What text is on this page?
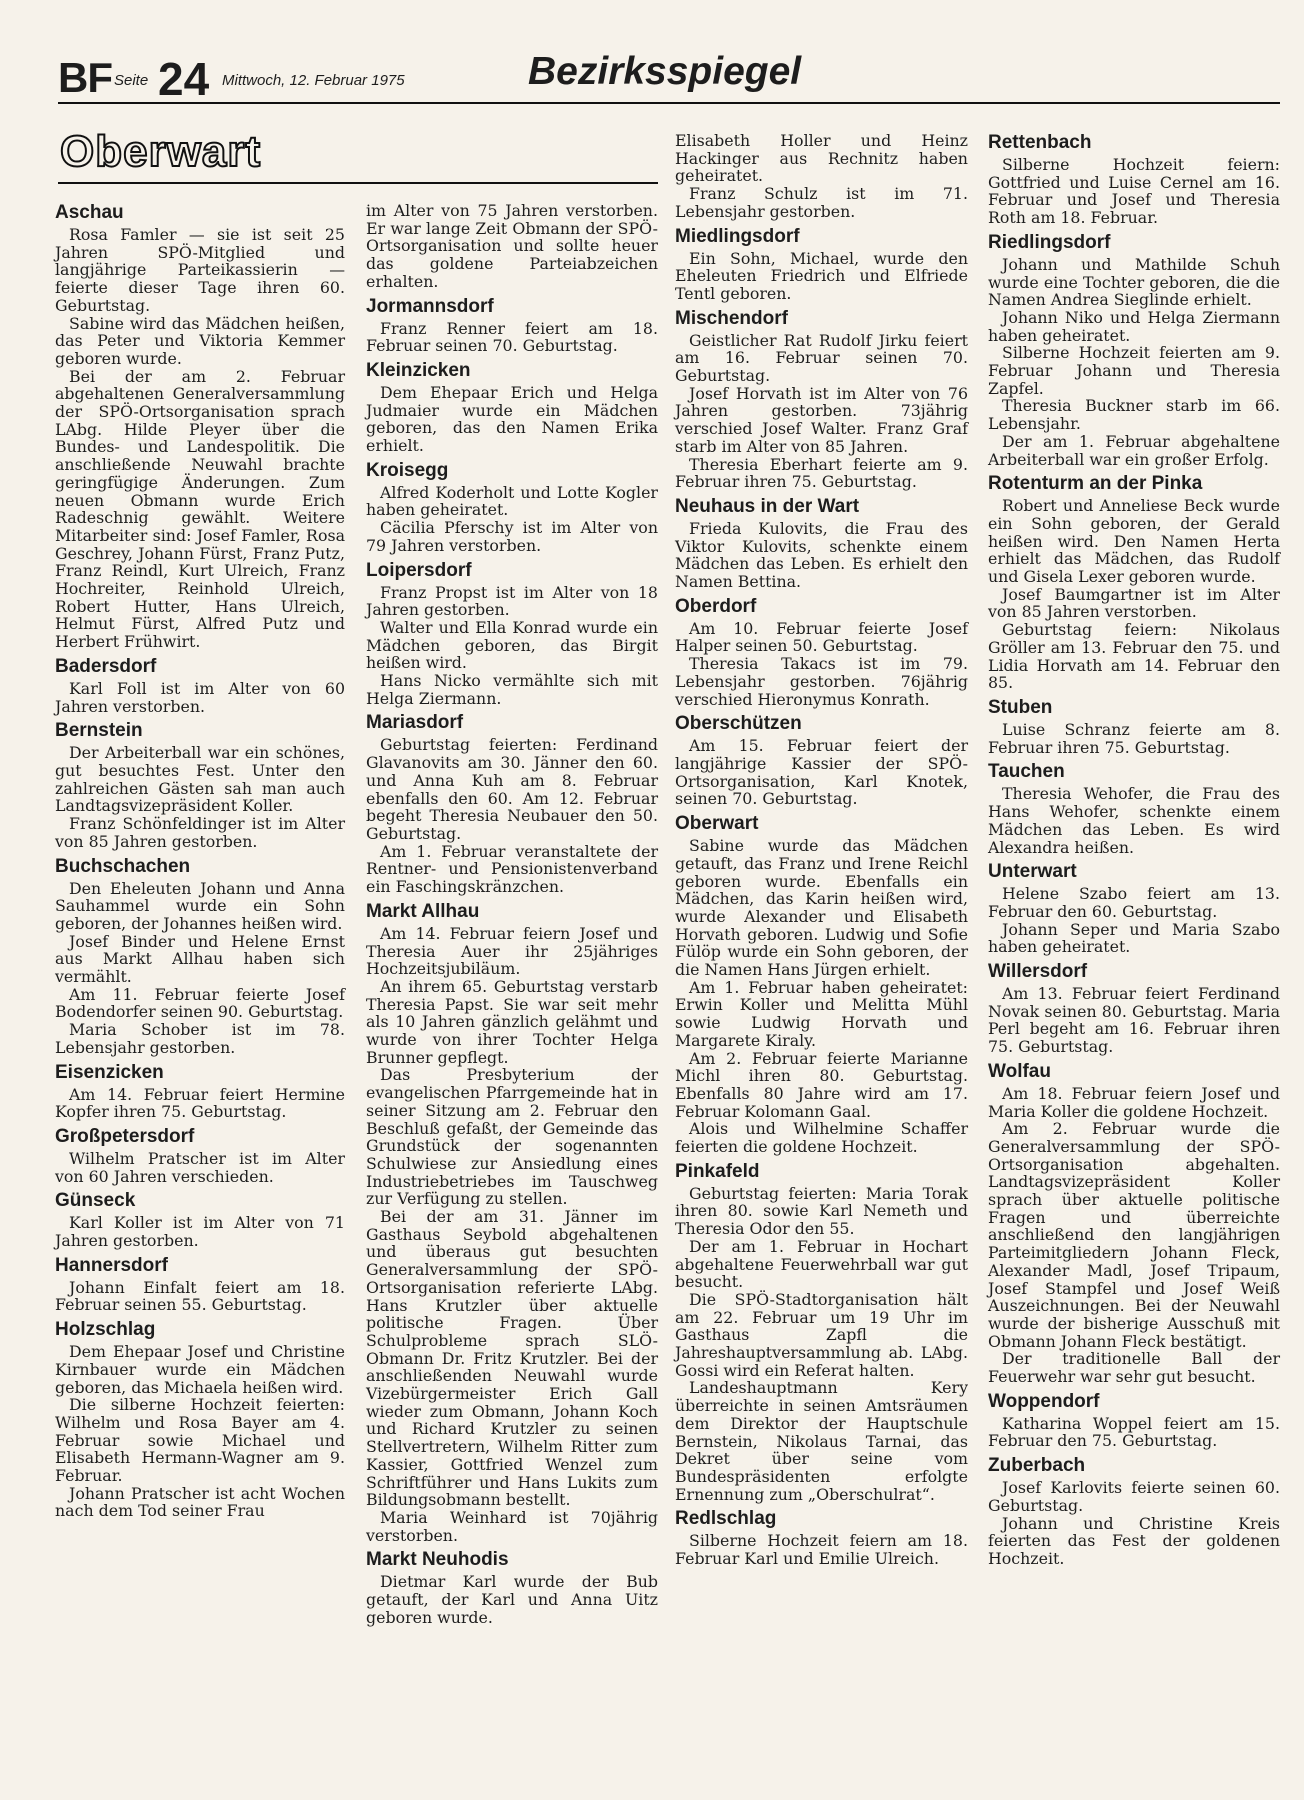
BF Seite 24 Mittwoch, 12. Februar 1975	Bezirksspiegel
Oberwart
Aschau

Rosa Famler — sie ist seit 25 Jahren SPÖ-Mitglied und langjährige Parteikassierin — feierte dieser Tage ihren 60. Geburtstag.

Sabine wird das Mädchen heißen, das Peter und Viktoria Kemmer geboren wurde.

Bei der am 2. Februar abgehaltenen Generalversammlung der SPÖ-Ortsorganisation sprach LAbg. Hilde Pleyer über die Bundes- und Landespolitik. Die anschließende Neuwahl brachte geringfügige Änderungen. Zum neuen Obmann wurde Erich Radeschnig gewählt. Weitere Mitarbeiter sind: Josef Famler, Rosa Geschrey, Johann Fürst, Franz Putz, Franz Reindl, Kurt Ulreich, Franz Hochreiter, Reinhold Ulreich, Robert Hutter, Hans Ulreich, Helmut Fürst, Alfred Putz und Herbert Frühwirt.

Badersdorf

Karl Foll ist im Alter von 60 Jahren verstorben.

Bernstein

Der Arbeiterball war ein schönes, gut besuchtes Fest. Unter den zahlreichen Gästen sah man auch Landtagsvizepräsident Koller.

Franz Schönfeldinger ist im Alter von 85 Jahren gestorben.

Buchschachen

Den Eheleuten Johann und Anna Sauhammel wurde ein Sohn geboren, der Johannes heißen wird.

Josef Binder und Helene Ernst aus Markt Allhau haben sich vermählt.

Am 11. Februar feierte Josef Bodendorfer seinen 90. Geburtstag.

Maria Schober ist im 78. Lebensjahr gestorben.

Eisenzicken

Am 14. Februar feiert Hermine Kopfer ihren 75. Geburtstag.

Großpetersdorf

Wilhelm Pratscher ist im Alter von 60 Jahren verschieden.

Günseck

Karl Koller ist im Alter von 71 Jahren gestorben.

Hannersdorf

Johann Einfalt feiert am 18. Februar seinen 55. Geburtstag.

Holzschlag

Dem Ehepaar Josef und Christine Kirnbauer wurde ein Mädchen geboren, das Michaela heißen wird.

Die silberne Hochzeit feierten: Wilhelm und Rosa Bayer am 4. Februar sowie Michael und Elisabeth Hermann-Wagner am 9. Februar.

Johann Pratscher ist acht Wochen nach dem Tod seiner Frau

im Alter von 75 Jahren verstorben. Er war lange Zeit Obmann der SPÖ-Ortsorganisation und sollte heuer das goldene Parteiabzeichen erhalten.

Jormannsdorf

Franz Renner feiert am 18. Februar seinen 70. Geburtstag.

Kleinzicken

Dem Ehepaar Erich und Helga Judmaier wurde ein Mädchen geboren, das den Namen Erika erhielt.

Kroisegg

Alfred Koderholt und Lotte Kogler haben geheiratet.

Cäcilia Pferschy ist im Alter von 79 Jahren verstorben.

Loipersdorf

Franz Propst ist im Alter von 18 Jahren gestorben.

Walter und Ella Konrad wurde ein Mädchen geboren, das Birgit heißen wird.

Hans Nicko vermählte sich mit Helga Ziermann.

Mariasdorf

Geburtstag feierten: Ferdinand Glavanovits am 30. Jänner den 60. und Anna Kuh am 8. Februar ebenfalls den 60. Am 12. Februar begeht Theresia Neubauer den 50. Geburtstag.

Am 1. Februar veranstaltete der Rentner- und Pensionistenverband ein Faschingskränzchen.

Markt Allhau

Am 14. Februar feiern Josef und Theresia Auer ihr 25jähriges Hochzeitsjubiläum.

An ihrem 65. Geburtstag verstarb Theresia Papst. Sie war seit mehr als 10 Jahren gänzlich gelähmt und wurde von ihrer Tochter Helga Brunner gepflegt.

Das Presbyterium der evangelischen Pfarrgemeinde hat in seiner Sitzung am 2. Februar den Beschluß gefaßt, der Gemeinde das Grundstück der sogenannten Schulwiese zur Ansiedlung eines Industriebetriebes im Tauschweg zur Verfügung zu stellen.

Bei der am 31. Jänner im Gasthaus Seybold abgehaltenen und überaus gut besuchten Generalversammlung der SPÖ-Ortsorganisation referierte LAbg. Hans Krutzler über aktuelle politische Fragen. Über Schulprobleme sprach SLÖ-Obmann Dr. Fritz Krutzler. Bei der anschließenden Neuwahl wurde Vizebürgermeister Erich Gall wieder zum Obmann, Johann Koch und Richard Krutzler zu seinen Stellvertretern, Wilhelm Ritter zum Kassier, Gottfried Wenzel zum Schriftführer und Hans Lukits zum Bildungsobmann bestellt.

Maria Weinhard ist 70jährig verstorben.

Markt Neuhodis

Dietmar Karl wurde der Bub getauft, der Karl und Anna Uitz geboren wurde.

Elisabeth Holler und Heinz Hackinger aus Rechnitz haben geheiratet.

Franz Schulz ist im 71. Lebensjahr gestorben.

Miedlingsdorf

Ein Sohn, Michael, wurde den Eheleuten Friedrich und Elfriede Tentl geboren.

Mischendorf

Geistlicher Rat Rudolf Jirku feiert am 16. Februar seinen 70. Geburtstag.

Josef Horvath ist im Alter von 76 Jahren gestorben. 73jährig verschied Josef Walter. Franz Graf starb im Alter von 85 Jahren.

Theresia Eberhart feierte am 9. Februar ihren 75. Geburtstag.

Neuhaus in der Wart

Frieda Kulovits, die Frau des Viktor Kulovits, schenkte einem Mädchen das Leben. Es erhielt den Namen Bettina.

Oberdorf

Am 10. Februar feierte Josef Halper seinen 50. Geburtstag.

Theresia Takacs ist im 79. Lebensjahr gestorben. 76jährig verschied Hieronymus Konrath.

Oberschützen

Am 15. Februar feiert der langjährige Kassier der SPÖ-Ortsorganisation, Karl Knotek, seinen 70. Geburtstag.

Oberwart

Sabine wurde das Mädchen getauft, das Franz und Irene Reichl geboren wurde. Ebenfalls ein Mädchen, das Karin heißen wird, wurde Alexander und Elisabeth Horvath geboren. Ludwig und Sofie Fülöp wurde ein Sohn geboren, der die Namen Hans Jürgen erhielt.

Am 1. Februar haben geheiratet: Erwin Koller und Melitta Mühl sowie Ludwig Horvath und Margarete Kiraly.

Am 2. Februar feierte Marianne Michl ihren 80. Geburtstag. Ebenfalls 80 Jahre wird am 17. Februar Kolomann Gaal.

Alois und Wilhelmine Schaffer feierten die goldene Hochzeit.

Pinkafeld

Geburtstag feierten: Maria Torak ihren 80. sowie Karl Nemeth und Theresia Odor den 55.

Der am 1. Februar in Hochart abgehaltene Feuerwehrball war gut besucht.

Die SPÖ-Stadtorganisation hält am 22. Februar um 19 Uhr im Gasthaus Zapfl die Jahreshauptversammlung ab. LAbg. Gossi wird ein Referat halten.

Landeshauptmann Kery überreichte in seinen Amtsräumen dem Direktor der Hauptschule Bernstein, Nikolaus Tarnai, das Dekret über seine vom Bundespräsidenten erfolgte Ernennung zum „Oberschulrat“.

Redlschlag

Silberne Hochzeit feiern am 18. Februar Karl und Emilie Ulreich.

Rettenbach

Silberne Hochzeit feiern: Gottfried und Luise Cernel am 16. Februar und Josef und Theresia Roth am 18. Februar.

Riedlingsdorf

Johann und Mathilde Schuh wurde eine Tochter geboren, die die Namen Andrea Sieglinde erhielt.

Johann Niko und Helga Ziermann haben geheiratet.

Silberne Hochzeit feierten am 9. Februar Johann und Theresia Zapfel.

Theresia Buckner starb im 66. Lebensjahr.

Der am 1. Februar abgehaltene Arbeiterball war ein großer Erfolg.

Rotenturm an der Pinka

Robert und Anneliese Beck wurde ein Sohn geboren, der Gerald heißen wird. Den Namen Herta erhielt das Mädchen, das Rudolf und Gisela Lexer geboren wurde.

Josef Baumgartner ist im Alter von 85 Jahren verstorben.

Geburtstag feiern: Nikolaus Gröller am 13. Februar den 75. und Lidia Horvath am 14. Februar den 85.

Stuben

Luise Schranz feierte am 8. Februar ihren 75. Geburtstag.

Tauchen

Theresia Wehofer, die Frau des Hans Wehofer, schenkte einem Mädchen das Leben. Es wird Alexandra heißen.

Unterwart

Helene Szabo feiert am 13. Februar den 60. Geburtstag.

Johann Seper und Maria Szabo haben geheiratet.

Willersdorf

Am 13. Februar feiert Ferdinand Novak seinen 80. Geburtstag. Maria Perl begeht am 16. Februar ihren 75. Geburtstag.

Wolfau

Am 18. Februar feiern Josef und Maria Koller die goldene Hochzeit.

Am 2. Februar wurde die Generalversammlung der SPÖ-Ortsorganisation abgehalten. Landtagsvizepräsident Koller sprach über aktuelle politische Fragen und überreichte anschließend den langjährigen Parteimitgliedern Johann Fleck, Alexander Madl, Josef Tripaum, Josef Stampfel und Josef Weiß Auszeichnungen. Bei der Neuwahl wurde der bisherige Ausschuß mit Obmann Johann Fleck bestätigt.

Der traditionelle Ball der Feuerwehr war sehr gut besucht.

Woppendorf

Katharina Woppel feiert am 15. Februar den 75. Geburtstag.

Zuberbach

Josef Karlovits feierte seinen 60. Geburtstag.

Johann und Christine Kreis feierten das Fest der goldenen Hochzeit.
